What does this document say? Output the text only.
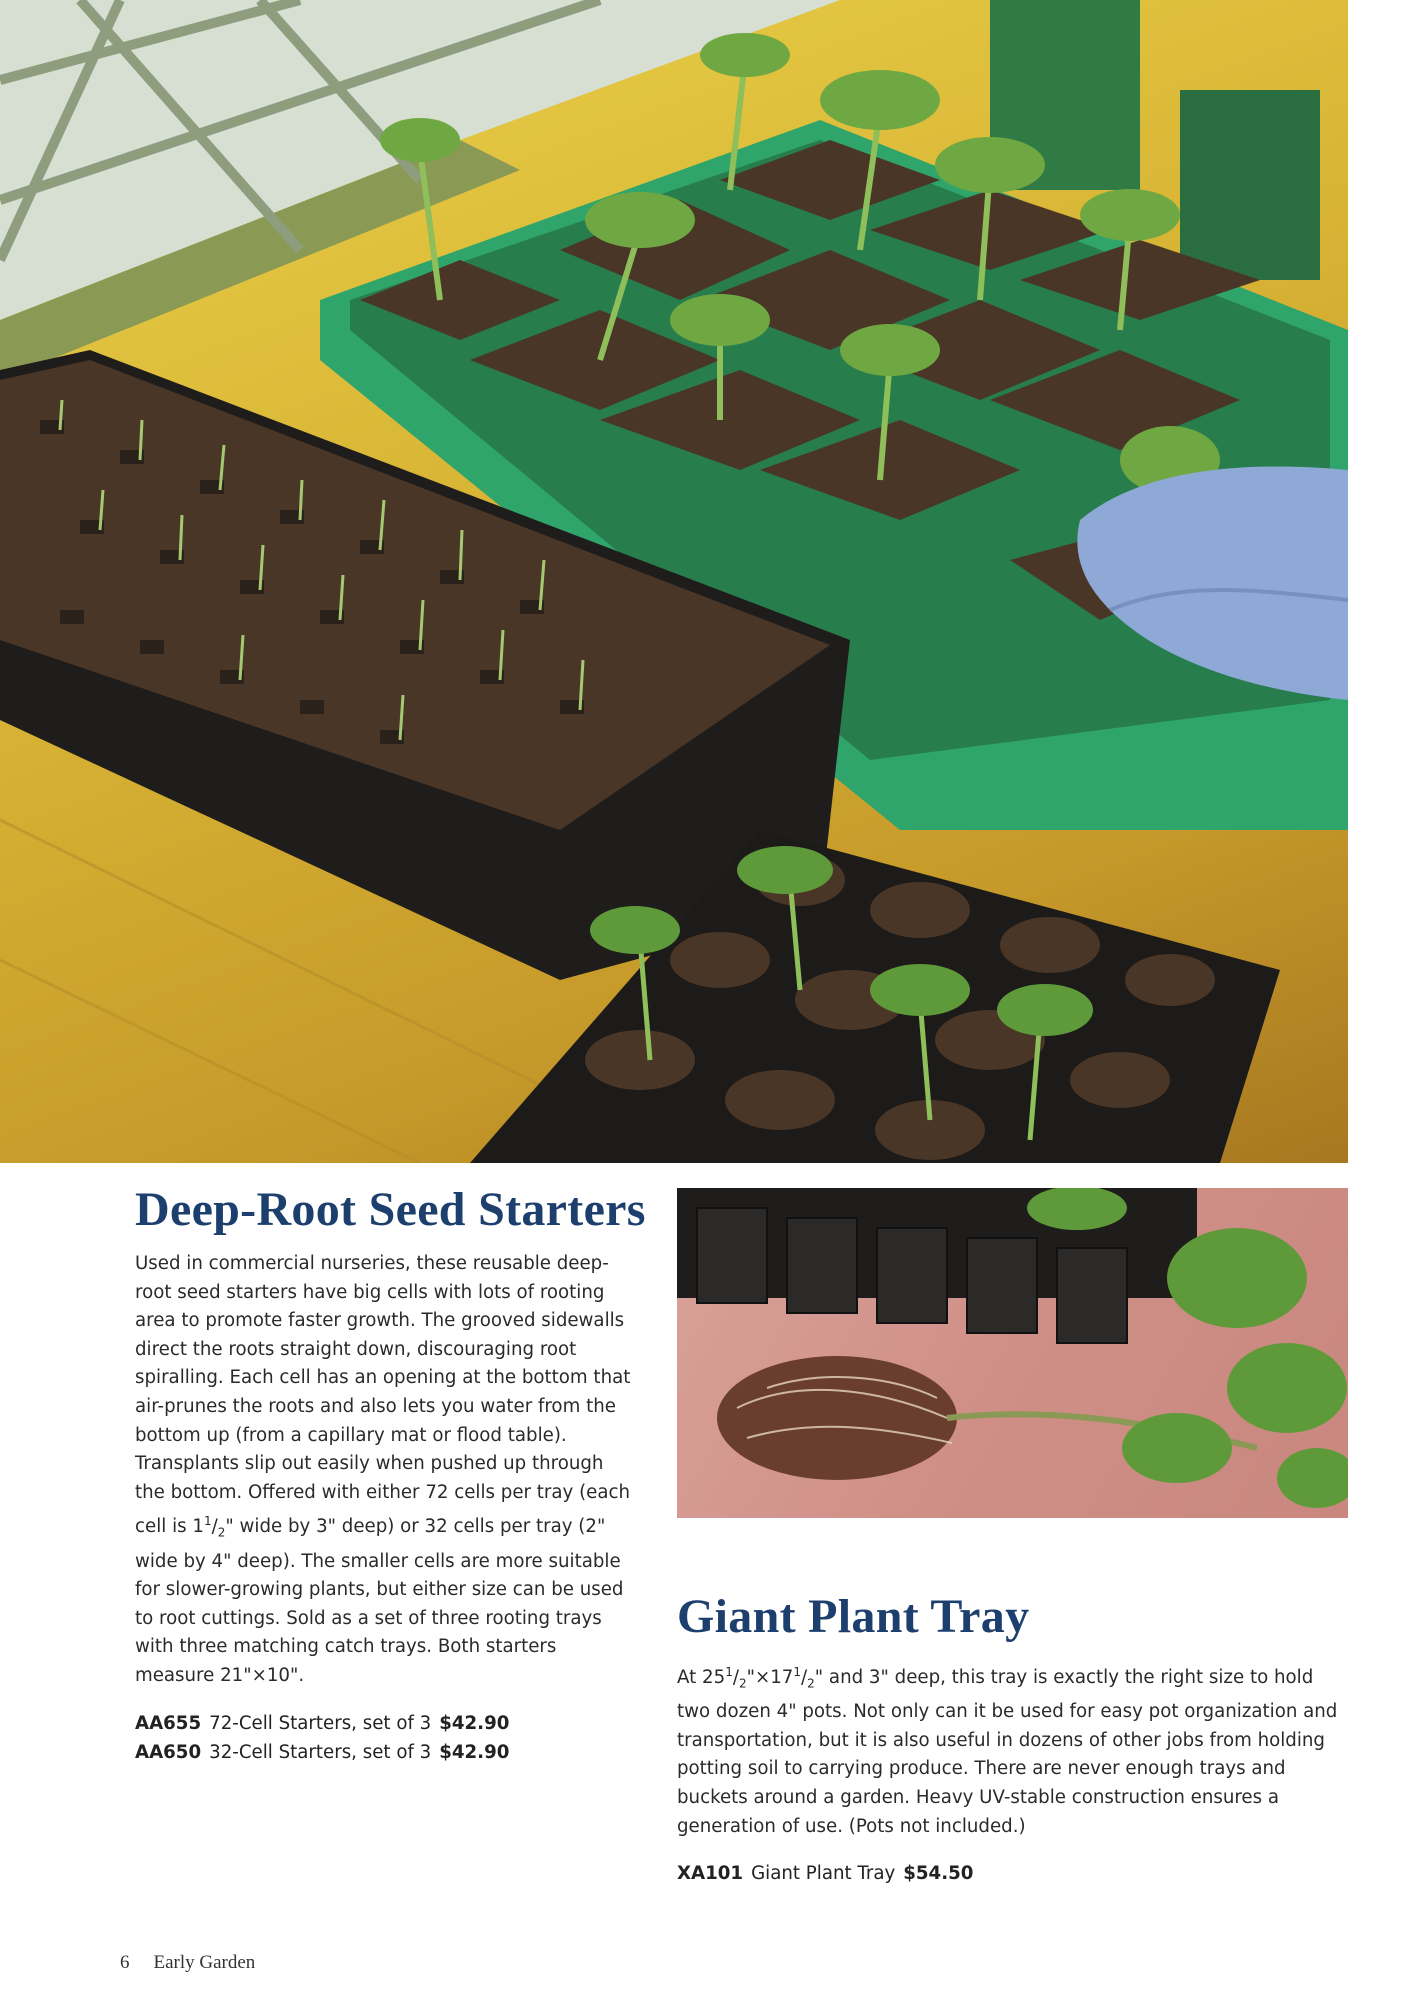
Deep-Root Seed Starters

Used in commercial nurseries, these reusable deep-root seed starters have big cells with lots of rooting area to promote faster growth. The grooved sidewalls direct the roots straight down, discouraging root spiralling. Each cell has an opening at the bottom that air-prunes the roots and also lets you water from the bottom up (from a capillary mat or flood table). Transplants slip out easily when pushed up through the bottom. Offered with either 72 cells per tray (each cell is $1^1/_2$" wide by 3" deep) or 32 cells per tray (2" wide by 4" deep). The smaller cells are more suitable for slower-growing plants, but either size can be used to root cuttings. Sold as a set of three rooting trays with three matching catch trays. Both starters measure 21"×10".

AA655 72-Cell Starters, set of 3 $42.90
AA650 32-Cell Starters, set of 3 $42.90
Giant Plant Tray

At $25^1/_2"\times 17^1/_2$" and 3" deep, this tray is exactly the right size to hold two dozen 4" pots. Not only can it be used for easy pot organization and transportation, but it is also useful in dozens of other jobs from holding potting soil to carrying produce. There are never enough trays and buckets around a garden. Heavy UV-stable construction ensures a generation of use. (Pots not included.)

XA101 Giant Plant Tray $54.50
6 Early Garden
